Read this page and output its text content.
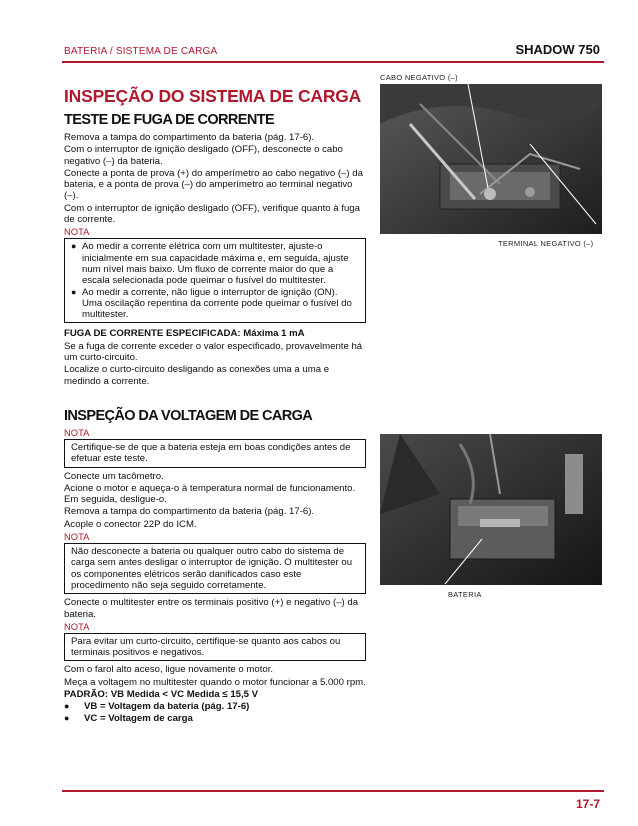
BATERIA / SISTEMA DE CARGA	SHADOW 750
INSPEÇÃO DO SISTEMA DE CARGA
TESTE DE FUGA DE CORRENTE
Remova a tampa do compartimento da bateria (pág. 17-6).
Com o interruptor de ignição desligado (OFF), desconecte o cabo negativo (–) da bateria.
Conecte a ponta de prova (+) do amperímetro ao cabo negativo (–) da bateria, e a ponta de prova (–) do amperímetro ao terminal negativo (–).
Com o interruptor de ignição desligado (OFF), verifique quanto à fuga de corrente.
NOTA
● Ao medir a corrente elétrica com um multitester, ajuste-o inicialmente em sua capacidade máxima e, em seguida, ajuste num nível mais baixo. Um fluxo de corrente maior do que a escala selecionada pode queimar o fusível do multitester.
● Ao medir a corrente, não ligue o interruptor de ignição (ON). Uma oscilação repentina da corrente pode queimar o fusível do multitester.
FUGA DE CORRENTE ESPECIFICADA: Máxima 1 mA
Se a fuga de corrente exceder o valor especificado, provavelmente há um curto-circuito.
Localize o curto-circuito desligando as conexões uma a uma e medindo a corrente.
INSPEÇÃO DA VOLTAGEM DE CARGA
NOTA
Certifique-se de que a bateria esteja em boas condições antes de efetuar este teste.
Conecte um tacômetro.
Acione o motor e aqueça-o à temperatura normal de funcionamento. Em seguida, desligue-o.
Remova a tampa do compartimento da bateria (pág. 17-6).
Acople o conector 22P do ICM.
NOTA
Não desconecte a bateria ou qualquer outro cabo do sistema de carga sem antes desligar o interruptor de ignição. O multitester ou os componentes elétricos serão danificados caso este procedimento não seja seguido corretamente.
Conecte o multitester entre os terminais positivo (+) e negativo (–) da bateria.
NOTA
Para evitar um curto-circuito, certifique-se quanto aos cabos ou terminais positivos e negativos.
Com o farol alto aceso, ligue novamente o motor.
Meça a voltagem no multitester quando o motor funcionar a 5.000 rpm.
PADRÃO: VB Medida < VC Medida ≤ 15,5 V
●	VB = Voltagem da bateria (pág. 17-6)
●	VC = Voltagem de carga
CABO NEGATIVO (–)
TERMINAL NEGATIVO (–)
BATERIA
17-7
